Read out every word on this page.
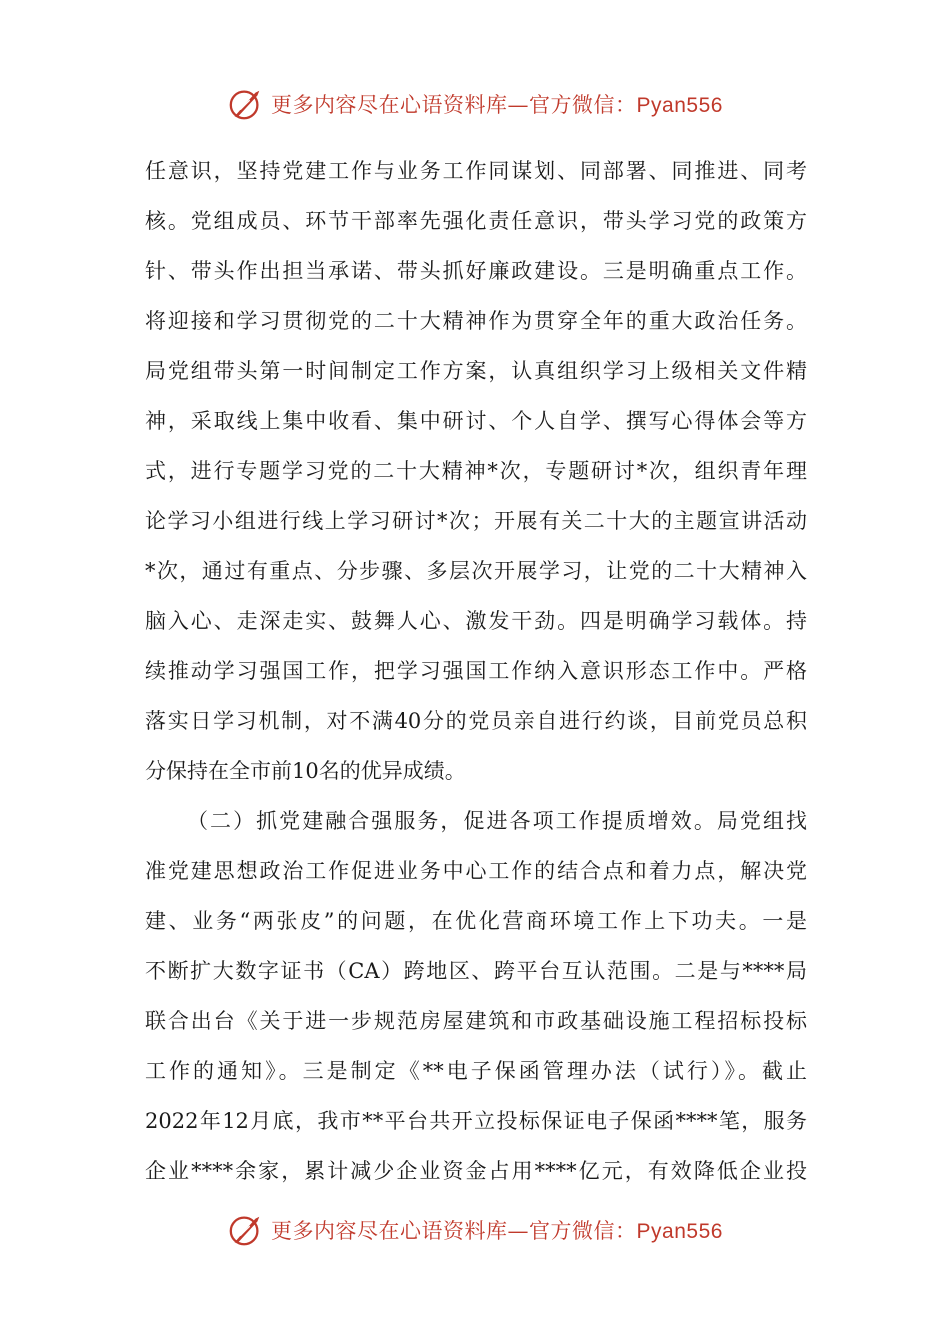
更多内容尽在心语资料库—官方微信：Pyan556
任意识，坚持党建工作与业务工作同谋划、同部署、同推进、同考
核。党组成员、环节干部率先强化责任意识，带头学习党的政策方
针、带头作出担当承诺、带头抓好廉政建设。三是明确重点工作。
将迎接和学习贯彻党的二十大精神作为贯穿全年的重大政治任务。
局党组带头第一时间制定工作方案，认真组织学习上级相关文件精
神，采取线上集中收看、集中研讨、个人自学、撰写心得体会等方
式，进行专题学习党的二十大精神*次，专题研讨*次，组织青年理
论学习小组进行线上学习研讨*次；开展有关二十大的主题宣讲活动
*次，通过有重点、分步骤、多层次开展学习，让党的二十大精神入
脑入心、走深走实、鼓舞人心、激发干劲。四是明确学习载体。持
续推动学习强国工作，把学习强国工作纳入意识形态工作中。严格
落实日学习机制，对不满40分的党员亲自进行约谈，目前党员总积
分保持在全市前10名的优异成绩。
（二）抓党建融合强服务，促进各项工作提质增效。局党组找
准党建思想政治工作促进业务中心工作的结合点和着力点，解决党
建、业务“两张皮”的问题，在优化营商环境工作上下功夫。一是
不断扩大数字证书（CA）跨地区、跨平台互认范围。二是与****局
联合出台《关于进一步规范房屋建筑和市政基础设施工程招标投标
工作的通知》。三是制定《**电子保函管理办法（试行）》。截止
2022年12月底，我市**平台共开立投标保证电子保函****笔，服务
企业****余家，累计减少企业资金占用****亿元，有效降低企业投
更多内容尽在心语资料库—官方微信：Pyan556
